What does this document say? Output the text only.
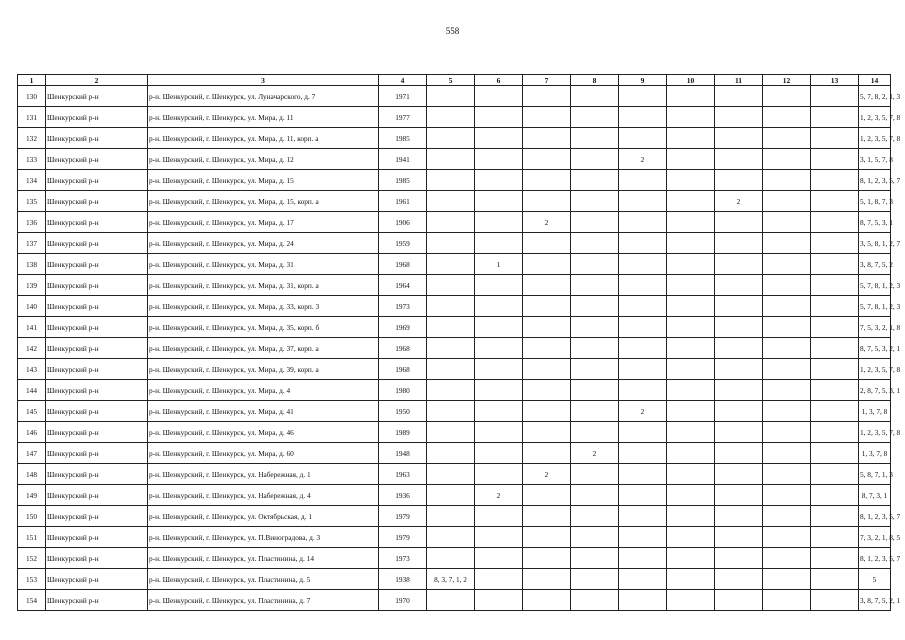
558
1	2	3	4	5	6	7	8	9	10	11	12	13	14
130	Шенкурский р-н	р-н. Шенкурский, г. Шенкурск, ул. Луначарского, д. 7	1971										5, 7, 8, 2, 1, 3
131	Шенкурский р-н	р-н. Шенкурский, г. Шенкурск, ул. Мира, д. 11	1977										1, 2, 3, 5, 7, 8
132	Шенкурский р-н	р-н. Шенкурский, г. Шенкурск, ул. Мира, д. 11, корп. а	1985										1, 2, 3, 5, 7, 8
133	Шенкурский р-н	р-н. Шенкурский, г. Шенкурск, ул. Мира, д. 12	1941					2					3, 1, 5, 7, 8
134	Шенкурский р-н	р-н. Шенкурский, г. Шенкурск, ул. Мира, д. 15	1985										8, 1, 2, 3, 5, 7
135	Шенкурский р-н	р-н. Шенкурский, г. Шенкурск, ул. Мира, д. 15, корп. а	1961							2			5, 1, 8, 7, 3
136	Шенкурский р-н	р-н. Шенкурский, г. Шенкурск, ул. Мира, д. 17	1906			2							8, 7, 5, 3, 1
137	Шенкурский р-н	р-н. Шенкурский, г. Шенкурск, ул. Мира, д. 24	1959										3, 5, 8, 1, 2, 7
138	Шенкурский р-н	р-н. Шенкурский, г. Шенкурск, ул. Мира, д. 31	1968		1								3, 8, 7, 5, 2
139	Шенкурский р-н	р-н. Шенкурский, г. Шенкурск, ул. Мира, д. 31, корп. а	1964										5, 7, 8, 1, 2, 3
140	Шенкурский р-н	р-н. Шенкурский, г. Шенкурск, ул. Мира, д. 33, корп. 3	1973										5, 7, 8, 1, 2, 3
141	Шенкурский р-н	р-н. Шенкурский, г. Шенкурск, ул. Мира, д. 35, корп. б	1969										7, 5, 3, 2, 1, 8
142	Шенкурский р-н	р-н. Шенкурский, г. Шенкурск, ул. Мира, д. 37, корп. а	1968										8, 7, 5, 3, 2, 1
143	Шенкурский р-н	р-н. Шенкурский, г. Шенкурск, ул. Мира, д. 39, корп. а	1968										1, 2, 3, 5, 7, 8
144	Шенкурский р-н	р-н. Шенкурский, г. Шенкурск, ул. Мира, д. 4	1980										2, 8, 7, 5, 3, 1
145	Шенкурский р-н	р-н. Шенкурский, г. Шенкурск, ул. Мира, д. 41	1950					2					1, 3, 7, 8
146	Шенкурский р-н	р-н. Шенкурский, г. Шенкурск, ул. Мира, д. 46	1989										1, 2, 3, 5, 7, 8
147	Шенкурский р-н	р-н. Шенкурский, г. Шенкурск, ул. Мира, д. 60	1948				2						1, 3, 7, 8
148	Шенкурский р-н	р-н. Шенкурский, г. Шенкурск, ул. Набережная, д. 1	1963			2							5, 8, 7, 1, 3
149	Шенкурский р-н	р-н. Шенкурский, г. Шенкурск, ул. Набережная, д. 4	1936		2								8, 7, 3, 1
150	Шенкурский р-н	р-н. Шенкурский, г. Шенкурск, ул. Октябрьская, д. 1	1979										8, 1, 2, 3, 5, 7
151	Шенкурский р-н	р-н. Шенкурский, г. Шенкурск, ул. П.Виноградова, д. 3	1979										7, 3, 2, 1, 8, 5
152	Шенкурский р-н	р-н. Шенкурский, г. Шенкурск, ул. Пластинина, д. 14	1973										8, 1, 2, 3, 5, 7
153	Шенкурский р-н	р-н. Шенкурский, г. Шенкурск, ул. Пластинина, д. 5	1938	8, 3, 7, 1, 2									5
154	Шенкурский р-н	р-н. Шенкурский, г. Шенкурск, ул. Пластинина, д. 7	1970										3, 8, 7, 5, 2, 1
